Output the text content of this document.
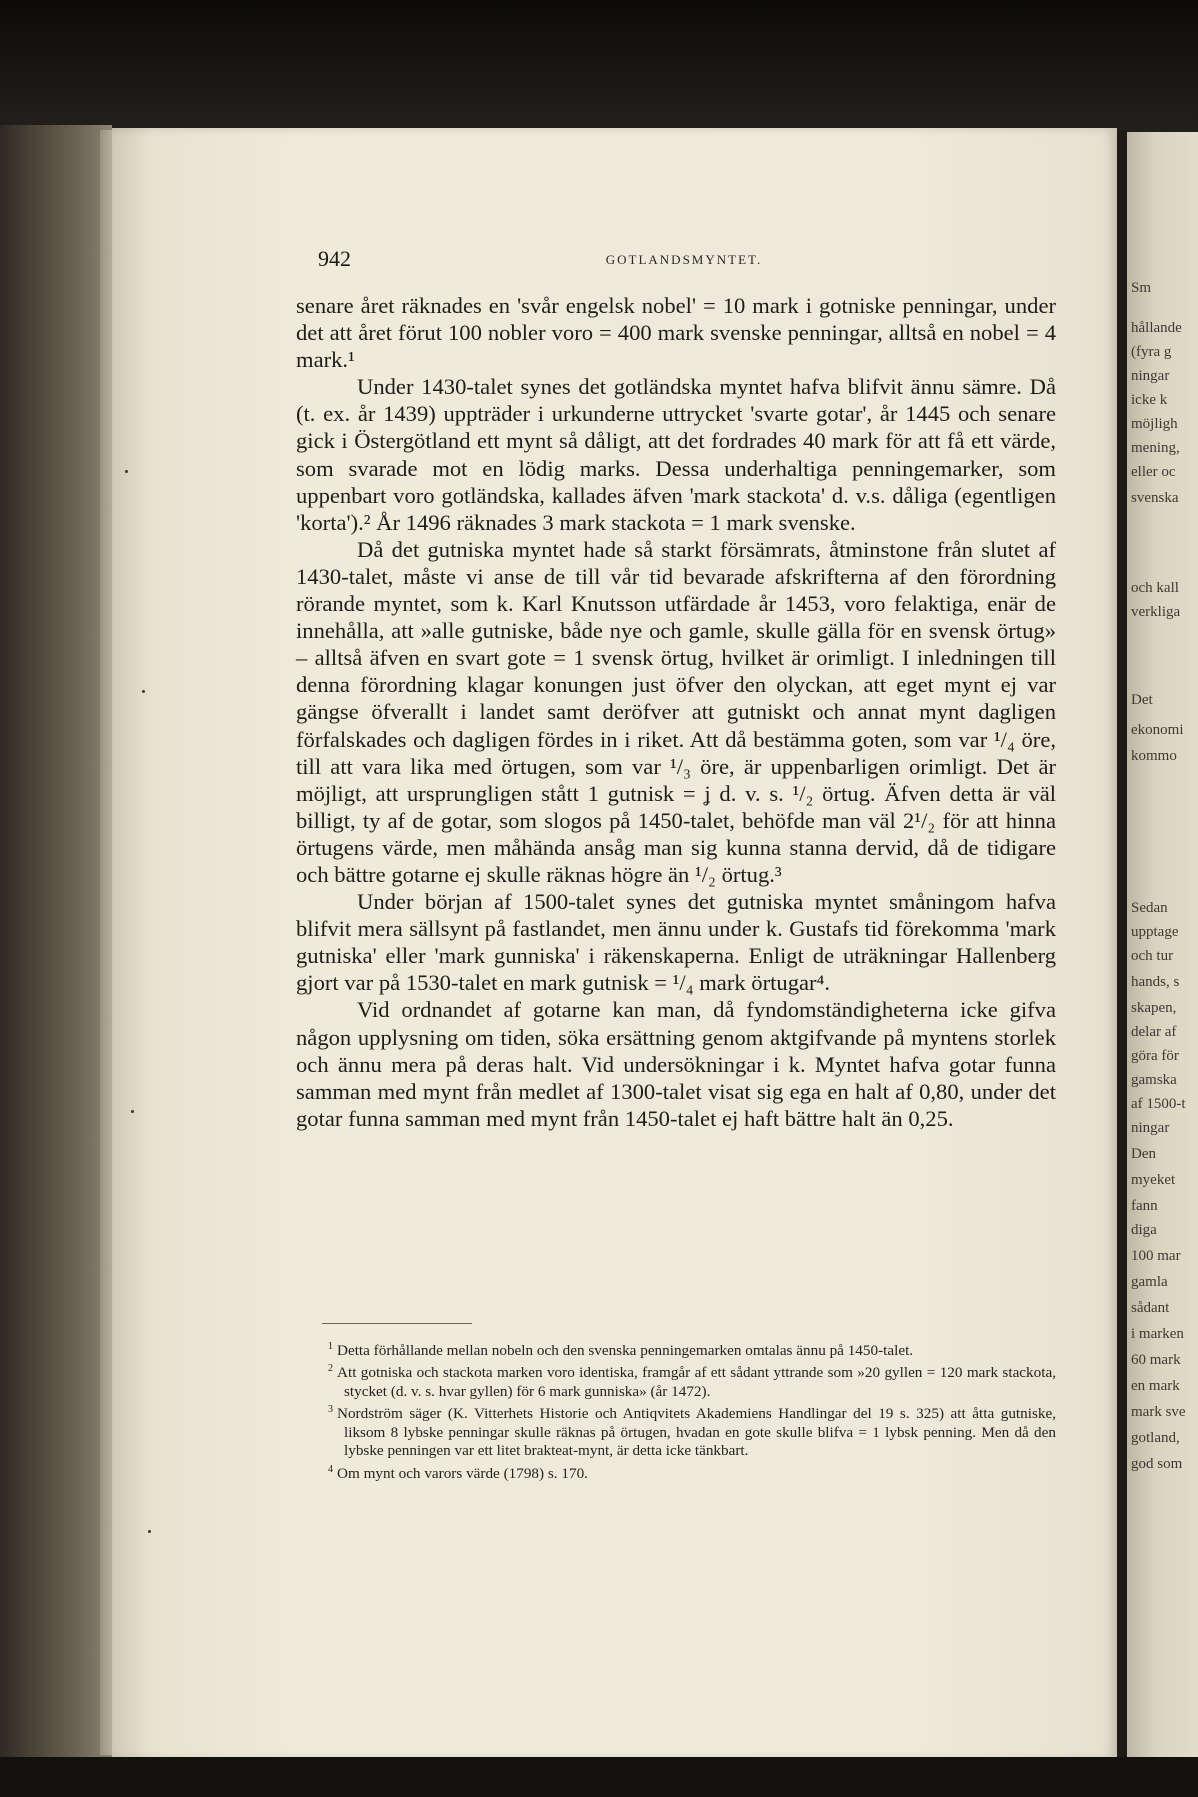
Sm
hållande
(fyra g
ningar
icke k
möjligh
mening,
eller oc
svenska
och kall
verkliga
Det
ekonomi
kommo
Sedan
upptage
och tur
hands, s
skapen,
delar af
göra för
gamska
af 1500-t
ningar
Den
myeket
fann
diga
100 mar
gamla
sådant
i marken
60 mark
en mark
mark sve
gotland,
god som
942	GOTLANDSMYNTET.

senare året räknades en 'svår engelsk nobel' = 10 mark i gotniske penningar, under det att året förut 100 nobler voro = 400 mark svenske penningar, alltså en nobel = 4 mark.¹

Under 1430-talet synes det gotländska myntet hafva blifvit ännu sämre. Då (t. ex. år 1439) uppträder i urkunderne uttrycket 'svarte gotar', år 1445 och senare gick i Östergötland ett mynt så dåligt, att det fordrades 40 mark för att få ett värde, som svarade mot en lödig marks. Dessa underhaltiga penningemarker, som uppenbart voro gotländska, kallades äfven 'mark stackota' d. v.s. dåliga (egentligen 'korta').² År 1496 räknades 3 mark stackota = 1 mark svenske.

Då det gutniska myntet hade så starkt försämrats, åtminstone från slutet af 1430-talet, måste vi anse de till vår tid bevarade afskrifterna af den förordning rörande myntet, som k. Karl Knutsson utfärdade år 1453, voro felaktiga, enär de innehålla, att »alle gutniske, både nye och gamle, skulle gälla för en svensk örtug» – alltså äfven en svart gote = 1 svensk örtug, hvilket är orimligt. I inledningen till denna förordning klagar konungen just öfver den olyckan, att eget mynt ej var gängse öfverallt i landet samt deröfver att gutniskt och annat mynt dagligen förfalskades och dagligen fördes in i riket. Att då bestämma goten, som var ¹/₄ öre, till att vara lika med örtugen, som var ¹/₃ öre, är uppenbarligen orimligt. Det är möjligt, att ursprungligen stått 1 gutnisk = ʝ d. v. s. ¹/₂ örtug. Äfven detta är väl billigt, ty af de gotar, som slogos på 1450-talet, behöfde man väl 2¹/₂ för att hinna örtugens värde, men måhända ansåg man sig kunna stanna dervid, då de tidigare och bättre gotarne ej skulle räknas högre än ¹/₂ örtug.³

Under början af 1500-talet synes det gutniska myntet småningom hafva blifvit mera sällsynt på fastlandet, men ännu under k. Gustafs tid förekomma 'mark gutniska' eller 'mark gunniska' i räkenskaperna. Enligt de uträkningar Hallenberg gjort var på 1530-talet en mark gutnisk = ¹/₄ mark örtugar⁴.

Vid ordnandet af gotarne kan man, då fyndomständigheterna icke gifva någon upplysning om tiden, söka ersättning genom aktgifvande på myntens storlek och ännu mera på deras halt. Vid undersökningar i k. Myntet hafva gotar funna samman med mynt från medlet af 1300-talet visat sig ega en halt af 0,80, under det gotar funna samman med mynt från 1450-talet ej haft bättre halt än 0,25.

$^1$ Detta förhållande mellan nobeln och den svenska penningemarken omtalas ännu på 1450-talet.

$^2$ Att gotniska och stackota marken voro identiska, framgår af ett sådant yttrande som »20 gyllen = 120 mark stackota, stycket (d. v. s. hvar gyllen) för 6 mark gunniska» (år 1472).

$^3$ Nordström säger (K. Vitterhets Historie och Antiqvitets Akademiens Handlingar del 19 s. 325) att åtta gutniske, liksom 8 lybske penningar skulle räknas på örtugen, hvadan en gote skulle blifva = 1 lybsk penning. Men då den lybske penningen var ett litet brakteat-mynt, är detta icke tänkbart.

$^4$ Om mynt och varors värde (1798) s. 170.
